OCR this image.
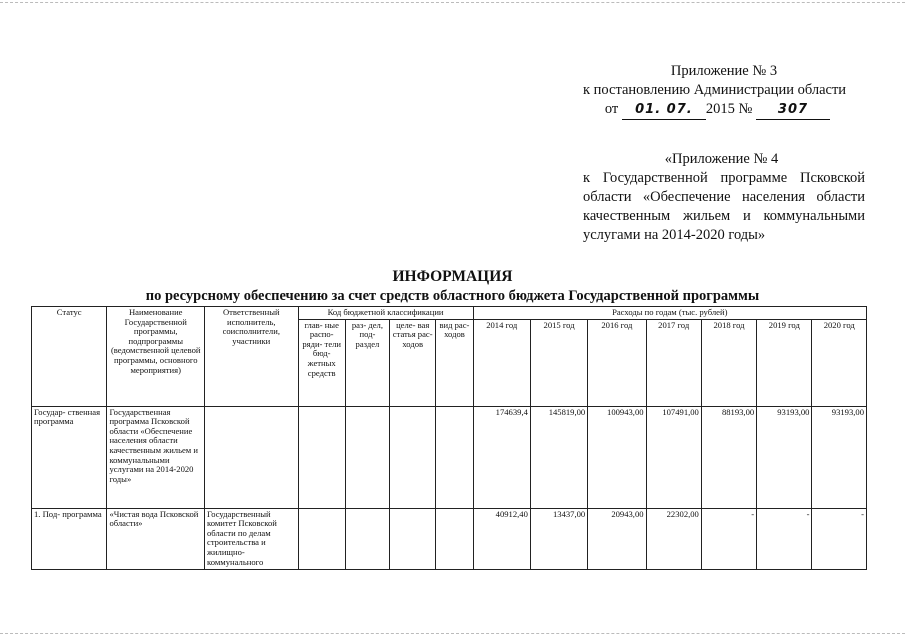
Приложение № 3
к постановлению Администрации области
от
	01. 07. 2015 №
	307
«Приложение № 4
к Государственной программе Псковской
области «Обеспечение населения области
качественным жильем и коммунальными
услугами на 2014-2020 годы»
ИНФОРМАЦИЯ
по ресурсному обеспечению за счет средств областного бюджета Государственной программы
Статус	Наименование Государственной программы, подпрограммы (ведомственной целевой программы, основного мероприятия)	Ответственный исполнитель, соисполнители, участники	Код бюджетной классификации				Расходы по годам (тыс. рублей)						
			глав- ные распо- ряди- тели бюд- жетных средств	раз- дел, под- раздел	целе- вая статья рас- ходов	вид рас- ходов	2014 год	2015 год	2016 год	2017 год	2018 год	2019 год	2020 год
Государ- ственная программа	Государственная программа Псковской области «Обеспечение населения области качественным жильем и коммунальными услугами на 2014-2020 годы»						174639,4	145819,00	100943,00	107491,00	88193,00	93193,00	93193,00
1. Под- программа	«Чистая вода Псковской области»	Государственный комитет Псковской области по делам строительства и жилищно- коммунального					40912,40	13437,00	20943,00	22302,00	-	-	-
